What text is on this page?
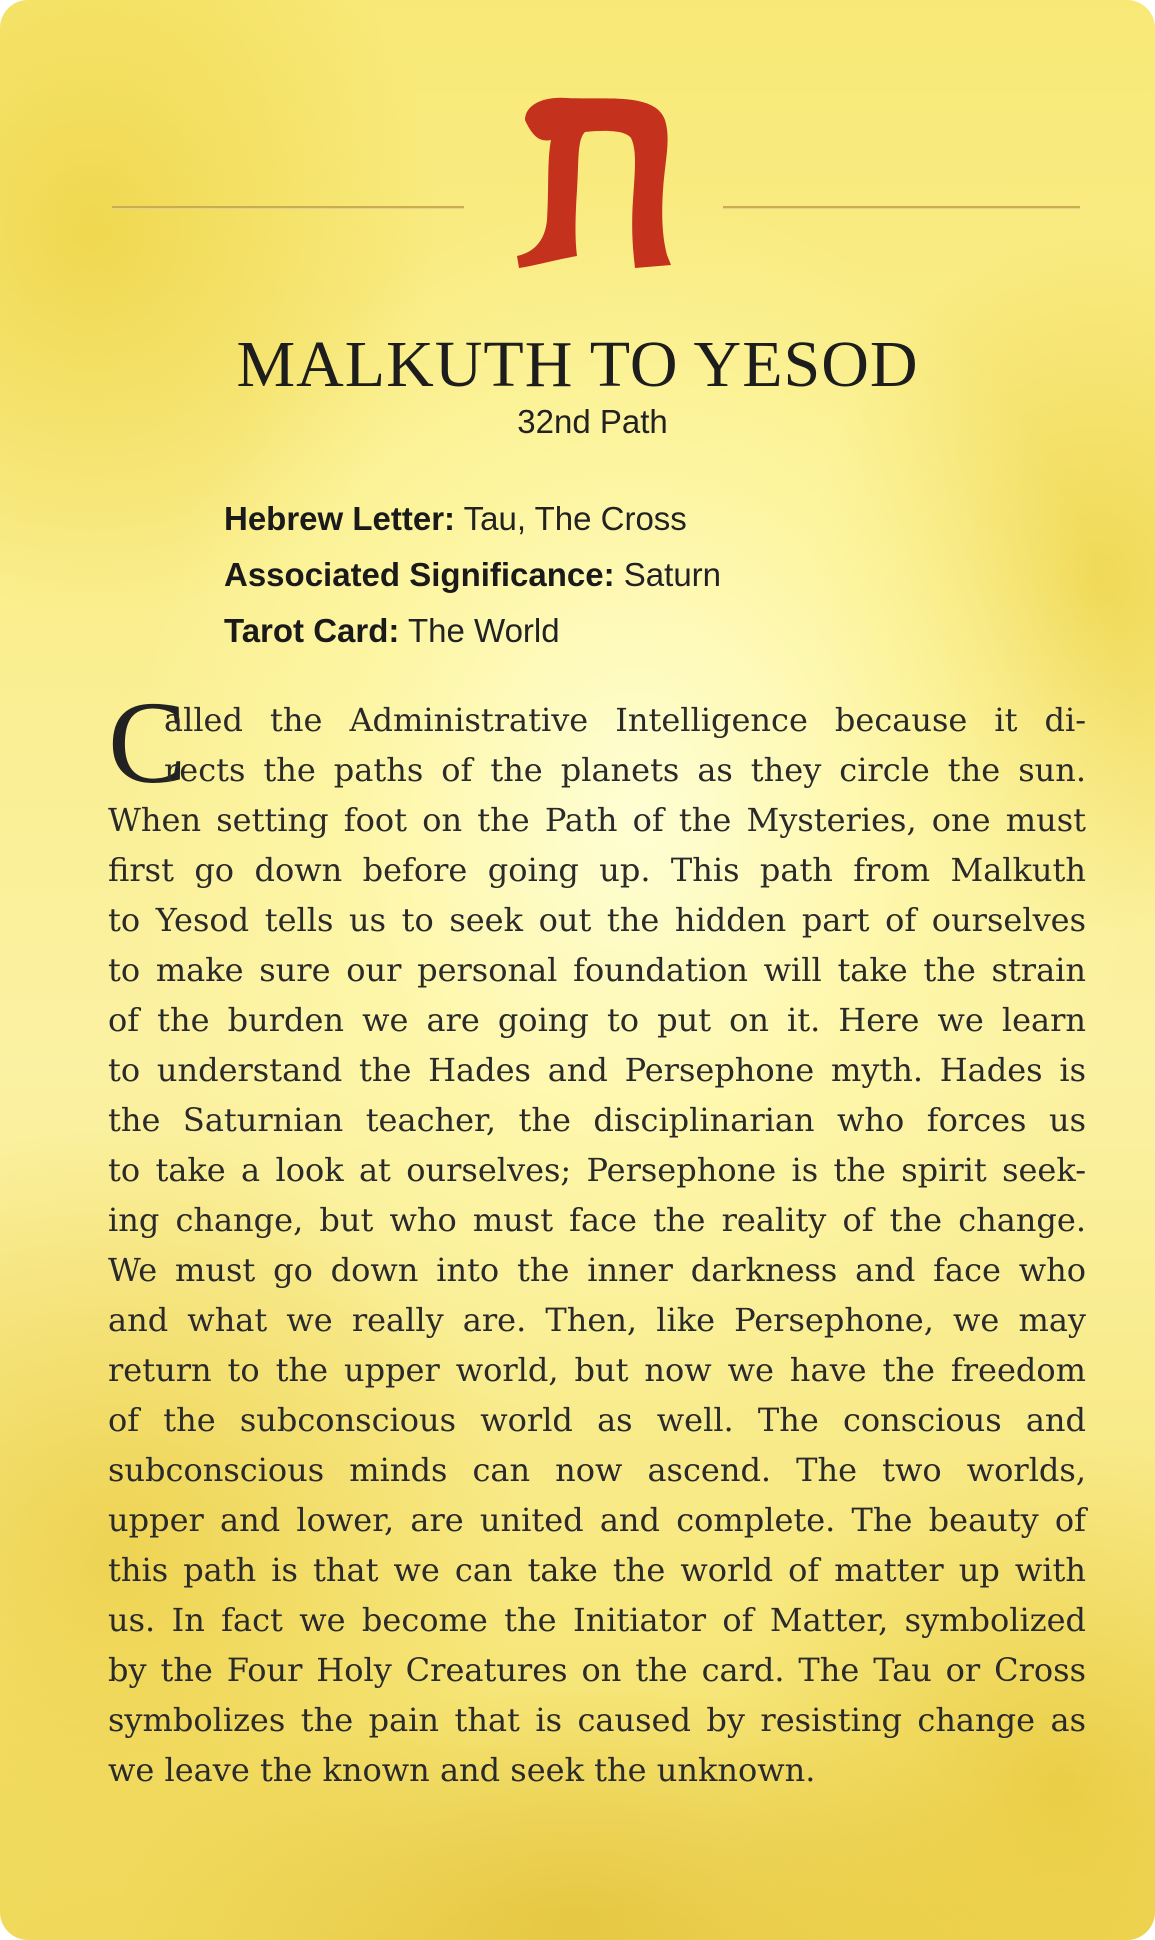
MALKUTH TO YESOD
32nd Path
Hebrew Letter: Tau, The Cross
Associated Significance: Saturn
Tarot Card: The World
C
alled the Administrative Intelligence because it di-
rects the paths of the planets as they circle the sun.
When setting foot on the Path of the Mysteries, one must
first go down before going up. This path from Malkuth
to Yesod tells us to seek out the hidden part of ourselves
to make sure our personal foundation will take the strain
of the burden we are going to put on it. Here we learn
to understand the Hades and Persephone myth. Hades is
the Saturnian teacher, the disciplinarian who forces us
to take a look at ourselves; Persephone is the spirit seek-
ing change, but who must face the reality of the change.
We must go down into the inner darkness and face who
and what we really are. Then, like Persephone, we may
return to the upper world, but now we have the freedom
of the subconscious world as well. The conscious and
subconscious minds can now ascend. The two worlds,
upper and lower, are united and complete. The beauty of
this path is that we can take the world of matter up with
us. In fact we become the Initiator of Matter, symbolized
by the Four Holy Creatures on the card. The Tau or Cross
symbolizes the pain that is caused by resisting change as
we leave the known and seek the unknown.
